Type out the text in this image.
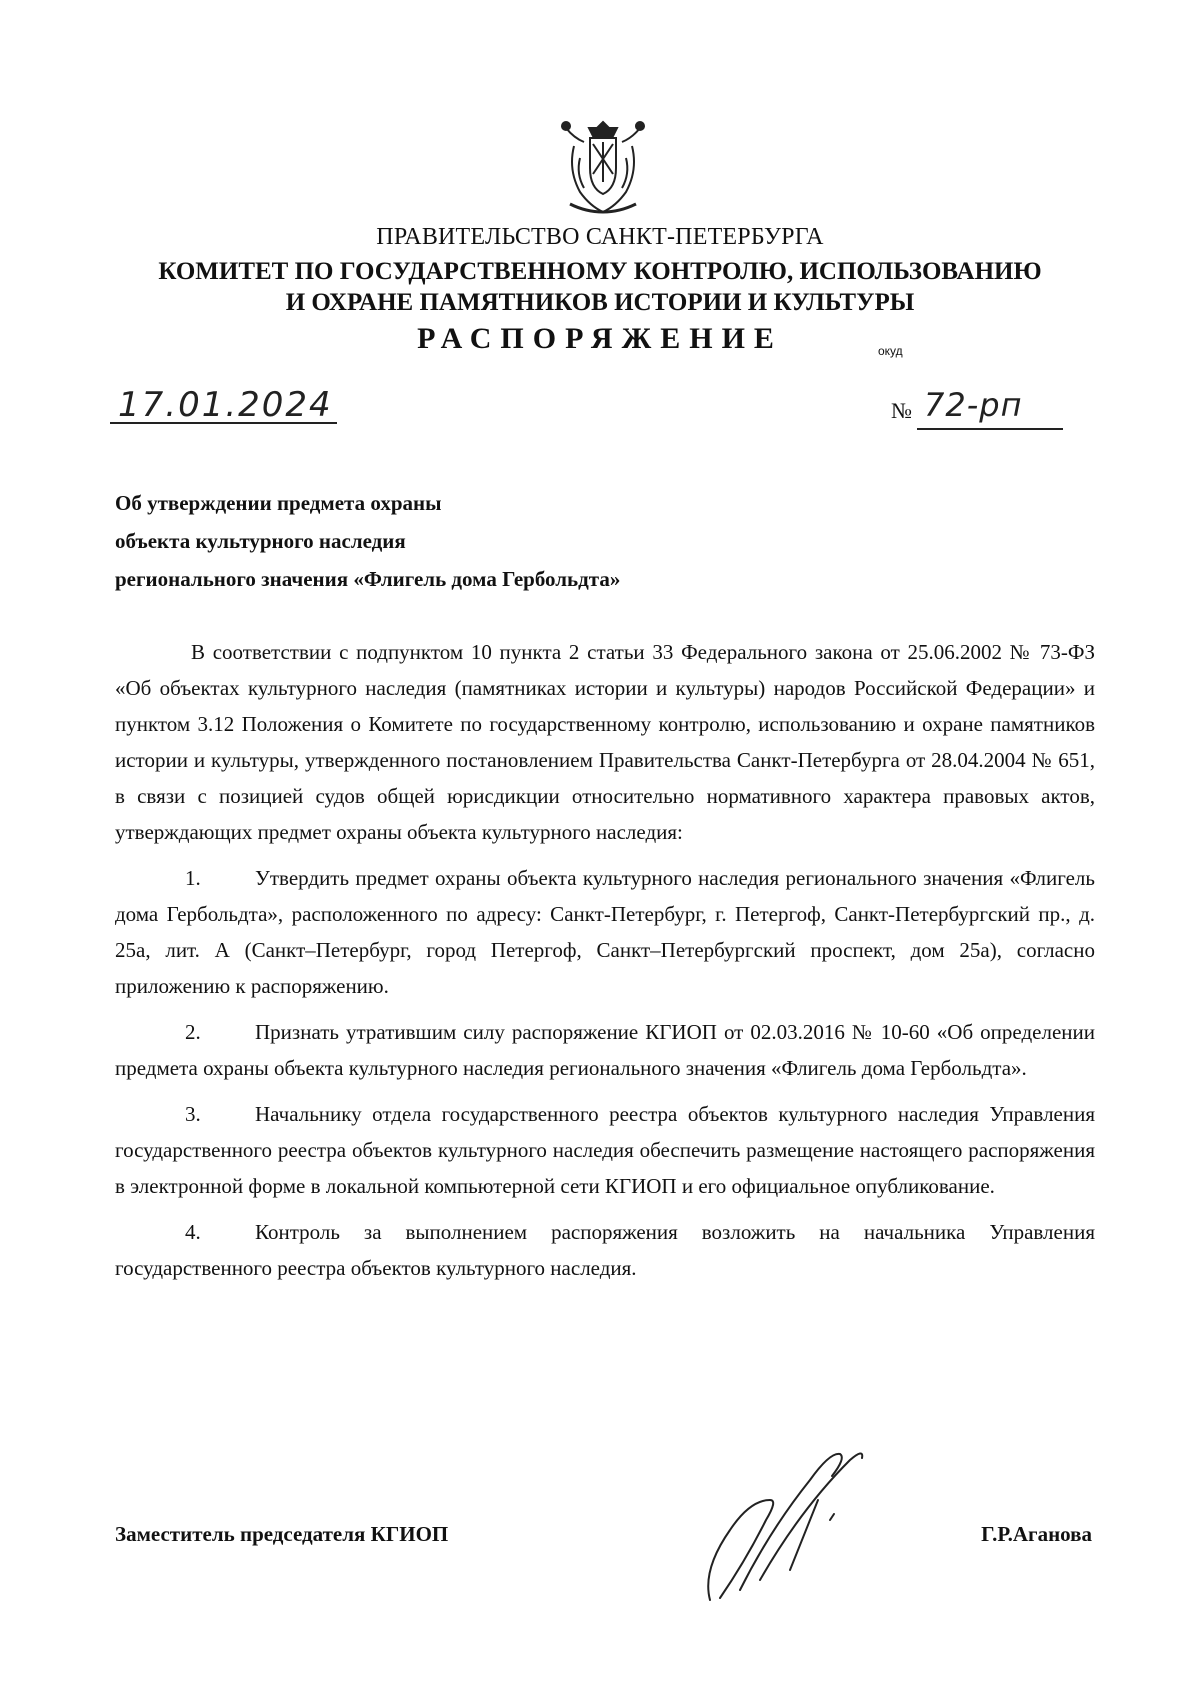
ПРАВИТЕЛЬСТВО САНКТ-ПЕТЕРБУРГА
КОМИТЕТ ПО ГОСУДАРСТВЕННОМУ КОНТРОЛЮ, ИСПОЛЬЗОВАНИЮ
И ОХРАНЕ ПАМЯТНИКОВ ИСТОРИИ И КУЛЬТУРЫ
РАСПОРЯЖЕНИЕ	окуд
17.01.2024	№ 72-рп
Об утверждении предмета охраны
объекта культурного наследия
регионального значения «Флигель дома Гербольдта»

В соответствии с подпунктом 10 пункта 2 статьи 33 Федерального закона от 25.06.2002 № 73-ФЗ «Об объектах культурного наследия (памятниках истории и культуры) народов Российской Федерации» и пунктом 3.12 Положения о Комитете по государственному контролю, использованию и охране памятников истории и культуры, утвержденного постановлением Правительства Санкт-Петербурга от 28.04.2004 № 651, в связи с позицией судов общей юрисдикции относительно нормативного характера правовых актов, утверждающих предмет охраны объекта культурного наследия:

1.	Утвердить предмет охраны объекта культурного наследия регионального значения «Флигель дома Гербольдта», расположенного по адресу: Санкт-Петербург, г. Петергоф, Санкт-Петербургский пр., д. 25а, лит. А (Санкт–Петербург, город Петергоф, Санкт–Петербургский проспект, дом 25а), согласно приложению к распоряжению.

2.	Признать утратившим силу распоряжение КГИОП от 02.03.2016 № 10-60 «Об определении предмета охраны объекта культурного наследия регионального значения «Флигель дома Гербольдта».

3.	Начальнику отдела государственного реестра объектов культурного наследия Управления государственного реестра объектов культурного наследия обеспечить размещение настоящего распоряжения в электронной форме в локальной компьютерной сети КГИОП и его официальное опубликование.

4.	Контроль за выполнением распоряжения возложить на начальника Управления государственного реестра объектов культурного наследия.

Заместитель председателя КГИОП	Г.Р.Аганова
